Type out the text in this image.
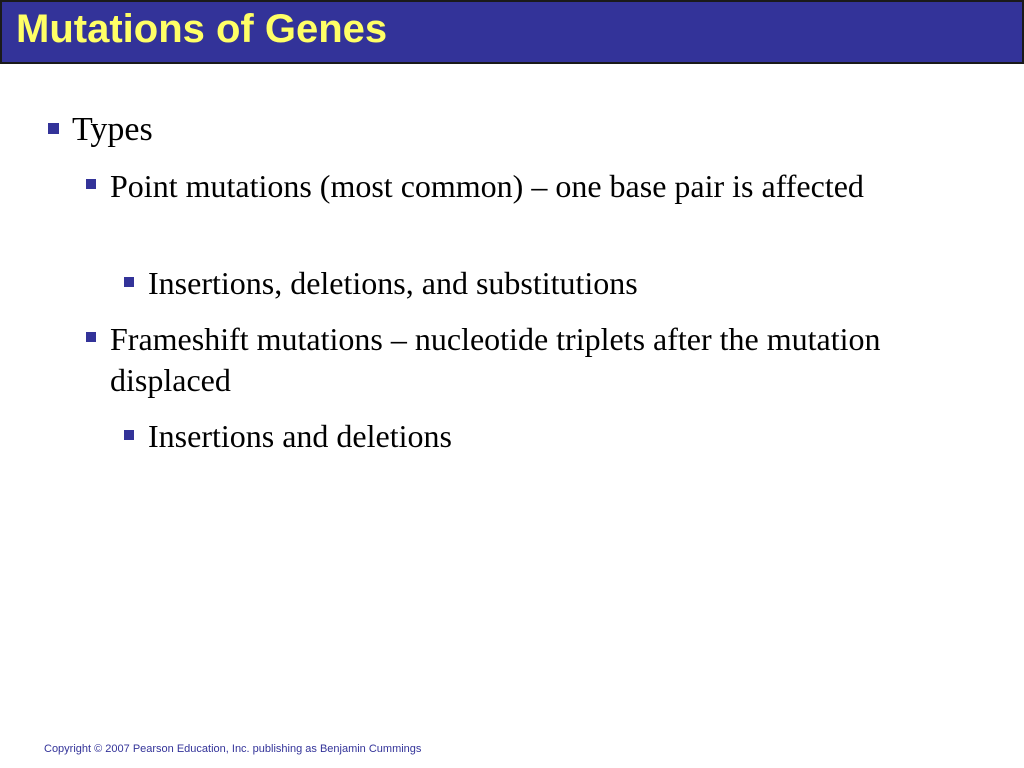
Mutations of Genes
Types
Point mutations (most common) – one base pair is affected
Insertions, deletions, and substitutions
Frameshift mutations – nucleotide triplets after the mutation displaced
Insertions and deletions
Copyright © 2007 Pearson Education, Inc. publishing as Benjamin Cummings
